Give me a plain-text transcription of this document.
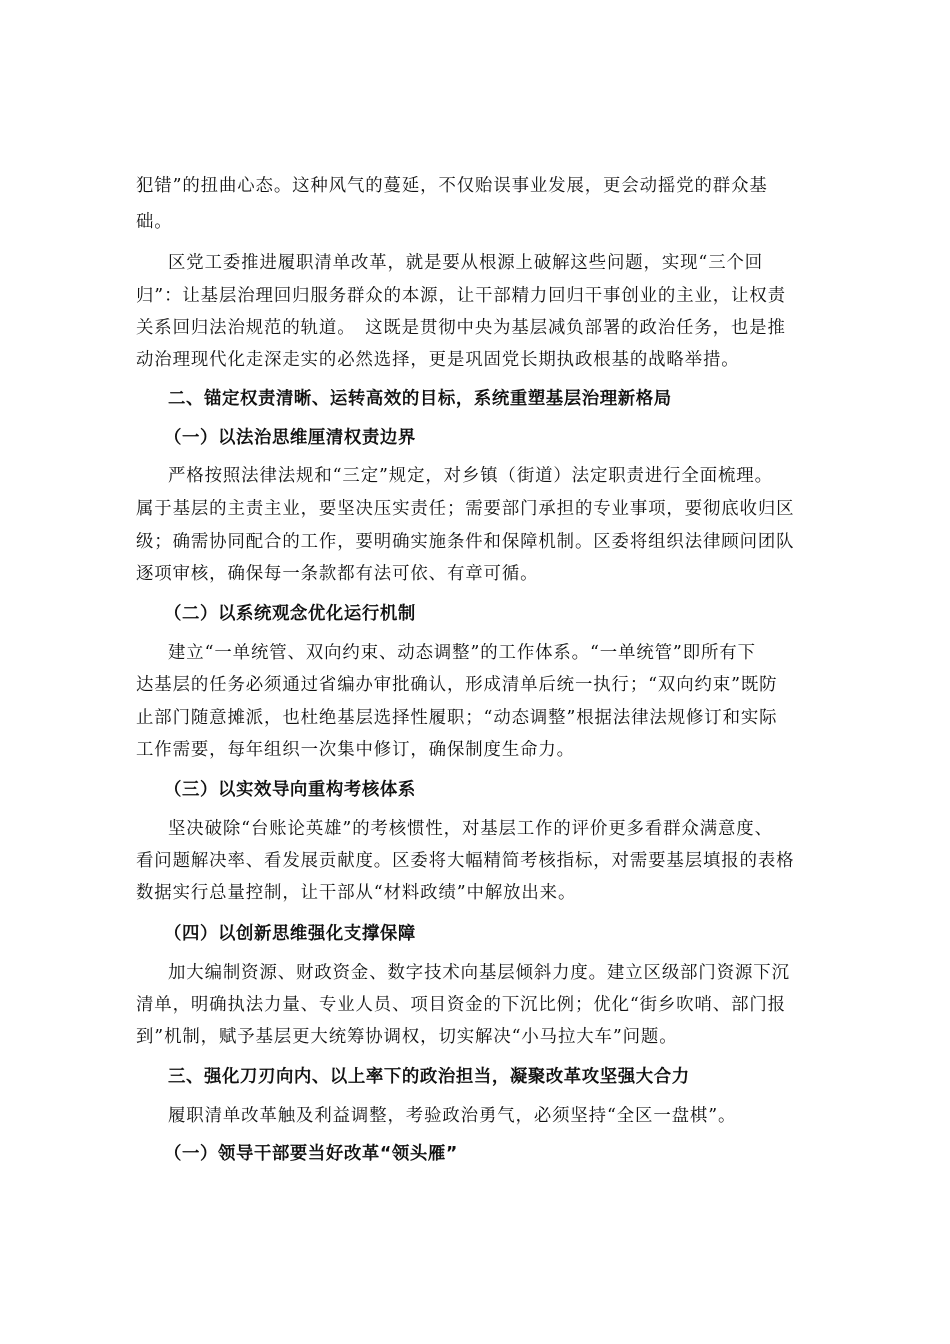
犯错”的扭曲心态。这种风气的蔓延，不仅贻误事业发展，更会动摇党的群众基
础。
区党工委推进履职清单改革，就是要从根源上破解这些问题，实现“三个回
归”：让基层治理回归服务群众的本源，让干部精力回归干事创业的主业，让权责
关系回归法治规范的轨道。　这既是贯彻中央为基层减负部署的政治任务，也是推
动治理现代化走深走实的必然选择，更是巩固党长期执政根基的战略举措。
二、锚定权责清晰、运转高效的目标，系统重塑基层治理新格局
（一）以法治思维厘清权责边界
严格按照法律法规和“三定”规定，对乡镇（街道）法定职责进行全面梳理。
属于基层的主责主业，要坚决压实责任；需要部门承担的专业事项，要彻底收归区
级；确需协同配合的工作，要明确实施条件和保障机制。区委将组织法律顾问团队
逐项审核，确保每一条款都有法可依、有章可循。
（二）以系统观念优化运行机制
建立“一单统管、双向约束、动态调整”的工作体系。“一单统管”即所有下
达基层的任务必须通过省编办审批确认，形成清单后统一执行；“双向约束”既防
止部门随意摊派，也杜绝基层选择性履职；“动态调整”根据法律法规修订和实际
工作需要，每年组织一次集中修订，确保制度生命力。
（三）以实效导向重构考核体系
坚决破除“台账论英雄”的考核惯性，对基层工作的评价更多看群众满意度、
看问题解决率、看发展贡献度。区委将大幅精简考核指标，对需要基层填报的表格
数据实行总量控制，让干部从“材料政绩”中解放出来。
（四）以创新思维强化支撑保障
加大编制资源、财政资金、数字技术向基层倾斜力度。建立区级部门资源下沉
清单，明确执法力量、专业人员、项目资金的下沉比例；优化“街乡吹哨、部门报
到”机制，赋予基层更大统筹协调权，切实解决“小马拉大车”问题。
三、强化刀刃向内、以上率下的政治担当，凝聚改革攻坚强大合力
履职清单改革触及利益调整，考验政治勇气，必须坚持“全区一盘棋”。
（一）领导干部要当好改革“领头雁”
